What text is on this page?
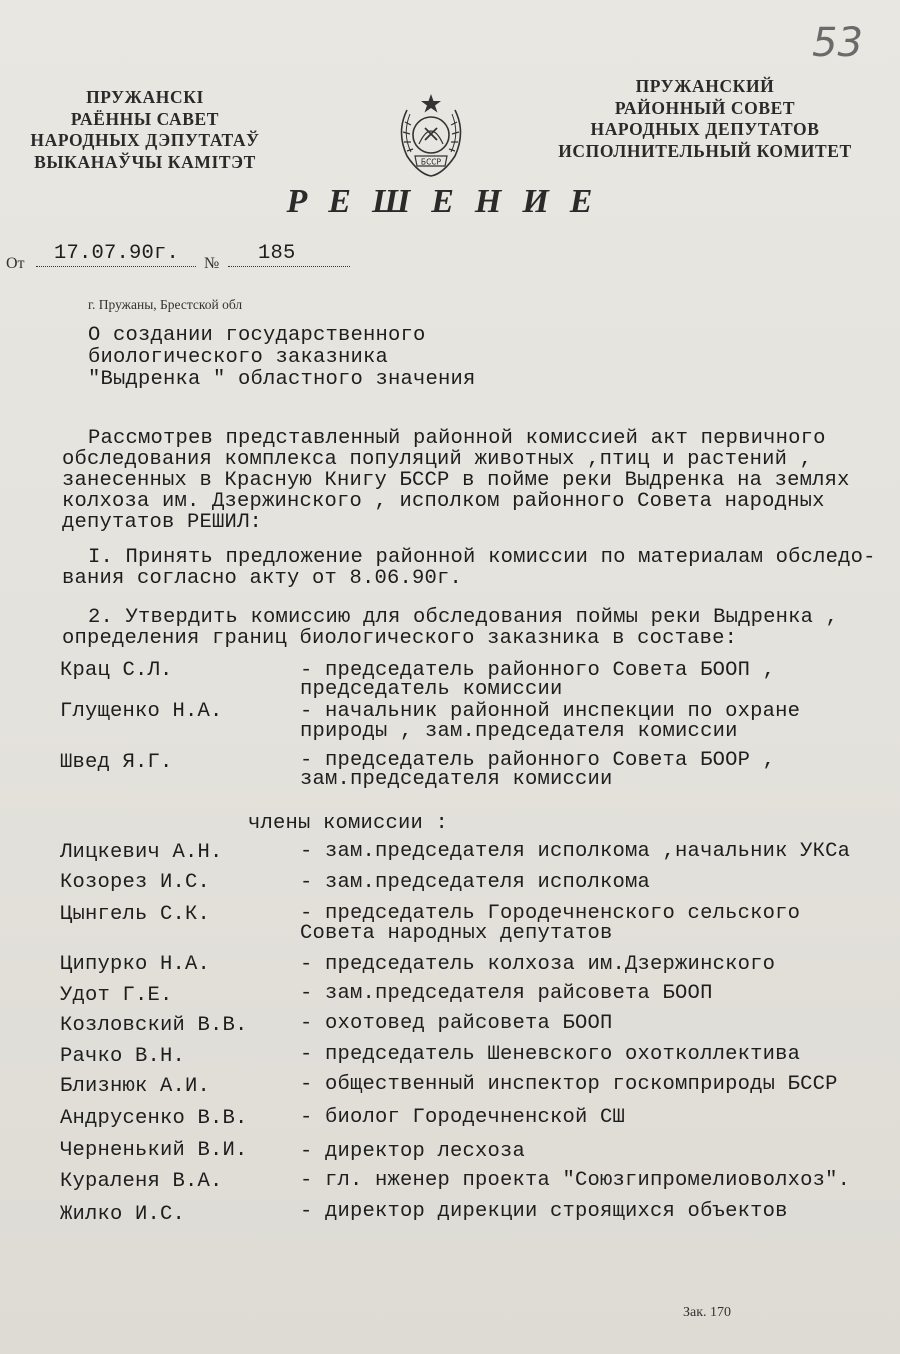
53
ПРУЖАНСКI
РАЁННЫ САВЕТ
НАРОДНЫХ ДЭПУТАТАЎ
ВЫКАНАЎЧЫ КАМIТЭТ	БССР
ПРУЖАНСКИЙ
РАЙОННЫЙ СОВЕТ
НАРОДНЫХ ДЕПУТАТОВ
ИСПОЛНИТЕЛЬНЫЙ КОМИТЕТ
РЕШЕНИЕ
От 17.07.90г. № 185
г. Пружаны, Брестской обл
О создании государственного
биологического заказника
"Выдренка " областного значения
Рассмотрев представленный районной комиссией акт первичного
обследования комплекса популяций животных ,птиц и растений ,
занесенных в Красную Книгу БССР в пойме реки Выдренка на землях
колхоза им. Дзержинского , исполком районного Совета народных
депутатов РЕШИЛ:
I. Принять предложение районной комиссии по материалам обследо-
вания согласно акту от 8.06.90г.
2. Утвердить комиссию для обследования поймы реки Выдренка ,
определения границ биологического заказника в составе:
Крац С.Л.	- председатель районного Совета БООП ,
председатель комиссии
Глущенко Н.А.	- начальник районной инспекции по охране
природы , зам.председателя комиссии
Швед Я.Г.	- председатель районного Совета БООР ,
зам.председателя комиссии
члены комиссии :
Лицкевич А.Н.	- зам.председателя исполкома ,начальник УКСа
Козорез И.С.	- зам.председателя исполкома
Цынгель С.К.	- председатель Городечненского сельского
Совета народных депутатов
Ципурко Н.А.	- председатель колхоза им.Дзержинского
Удот Г.Е.	- зам.председателя райсовета БООП
Козловский В.В.	- охотовед райсовета БООП
Рачко В.Н.	- председатель Шеневского охотколлектива
Близнюк А.И.	- общественный инспектор госкомприроды БССР
Андрусенко В.В.	- биолог Городечненской СШ
Черненький В.И.	- директор лесхоза
Кураленя В.А.	- гл. нженер проекта "Союзгипромелиоволхоз".
Жилко И.С.	- директор дирекции строящихся объектов
Зак. 170
